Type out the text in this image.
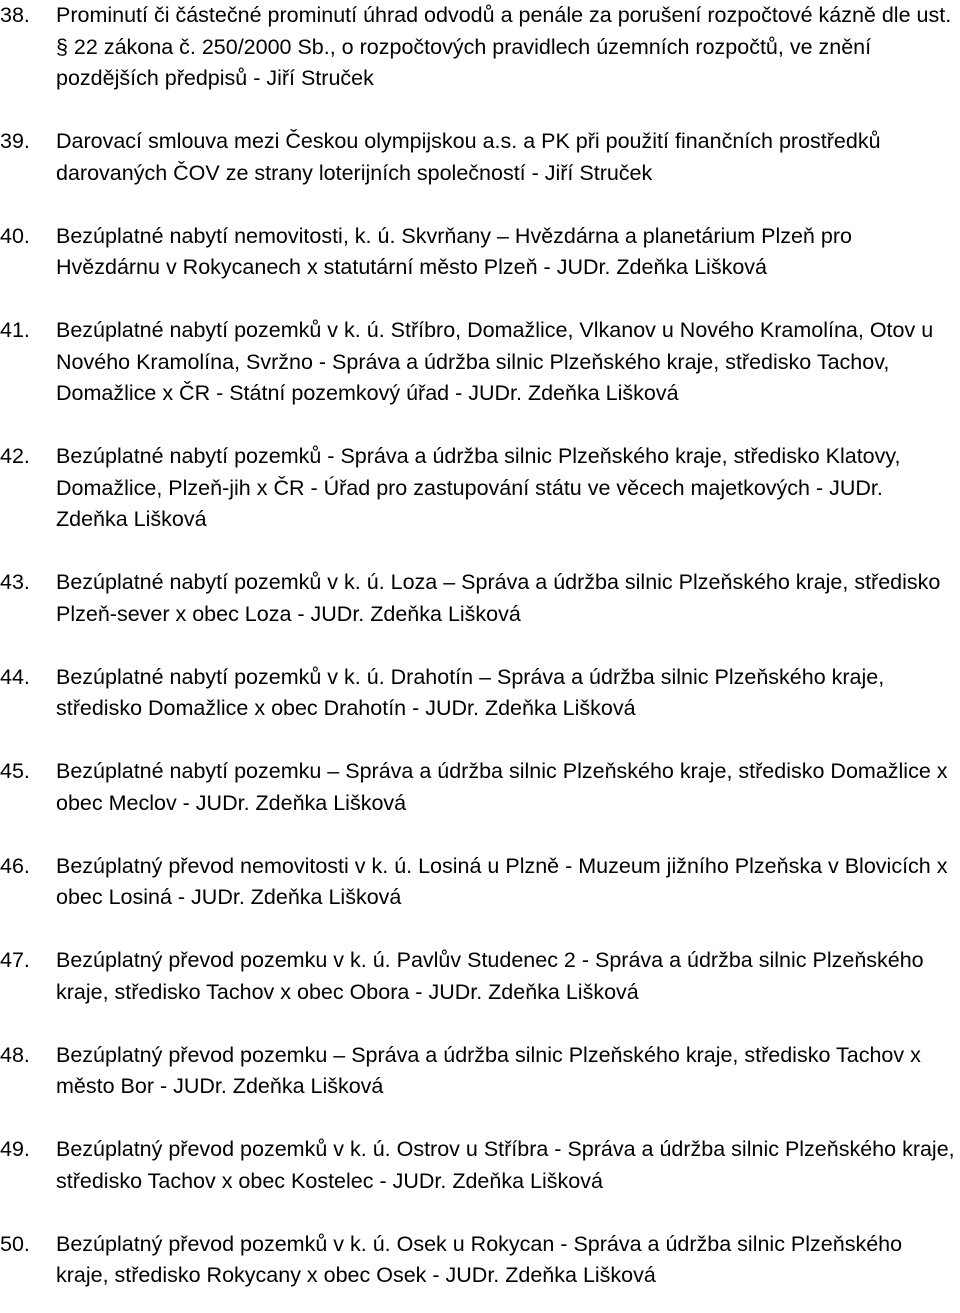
38.	Prominutí či částečné prominutí úhrad odvodů a penále za porušení rozpočtové kázně dle ust. § 22 zákona č. 250/2000 Sb., o rozpočtových pravidlech územních rozpočtů, ve znění pozdějších předpisů - Jiří Struček
39.	Darovací smlouva mezi Českou olympijskou a.s. a PK při použití finančních prostředků darovaných ČOV ze strany loterijních společností - Jiří Struček
40.	Bezúplatné nabytí nemovitosti, k. ú. Skvrňany – Hvězdárna a planetárium Plzeň pro Hvězdárnu v Rokycanech x statutární město Plzeň - JUDr. Zdeňka Lišková
41.	Bezúplatné nabytí pozemků v k. ú. Stříbro, Domažlice, Vlkanov u Nového Kramolína, Otov u Nového Kramolína, Svržno - Správa a údržba silnic Plzeňského kraje, středisko Tachov, Domažlice x ČR - Státní pozemkový úřad - JUDr. Zdeňka Lišková
42.	Bezúplatné nabytí pozemků - Správa a údržba silnic Plzeňského kraje, středisko Klatovy, Domažlice, Plzeň-jih x ČR - Úřad pro zastupování státu ve věcech majetkových - JUDr. Zdeňka Lišková
43.	Bezúplatné nabytí pozemků v k. ú. Loza – Správa a údržba silnic Plzeňského kraje, středisko Plzeň-sever x obec Loza - JUDr. Zdeňka Lišková
44.	Bezúplatné nabytí pozemků v k. ú. Drahotín – Správa a údržba silnic Plzeňského kraje, středisko Domažlice x obec Drahotín - JUDr. Zdeňka Lišková
45.	Bezúplatné nabytí pozemku – Správa a údržba silnic Plzeňského kraje, středisko Domažlice x obec Meclov - JUDr. Zdeňka Lišková
46.	Bezúplatný převod nemovitosti v k. ú. Losiná u Plzně - Muzeum jižního Plzeňska v Blovicích x obec Losiná - JUDr. Zdeňka Lišková
47.	Bezúplatný převod pozemku v k. ú. Pavlův Studenec 2 - Správa a údržba silnic Plzeňského kraje, středisko Tachov x obec Obora - JUDr. Zdeňka Lišková
48.	Bezúplatný převod pozemku – Správa a údržba silnic Plzeňského kraje, středisko Tachov x město Bor - JUDr. Zdeňka Lišková
49.	Bezúplatný převod pozemků v k. ú. Ostrov u Stříbra - Správa a údržba silnic Plzeňského kraje, středisko Tachov x obec Kostelec - JUDr. Zdeňka Lišková
50.	Bezúplatný převod pozemků v k. ú. Osek u Rokycan - Správa a údržba silnic Plzeňského kraje, středisko Rokycany x obec Osek - JUDr. Zdeňka Lišková
